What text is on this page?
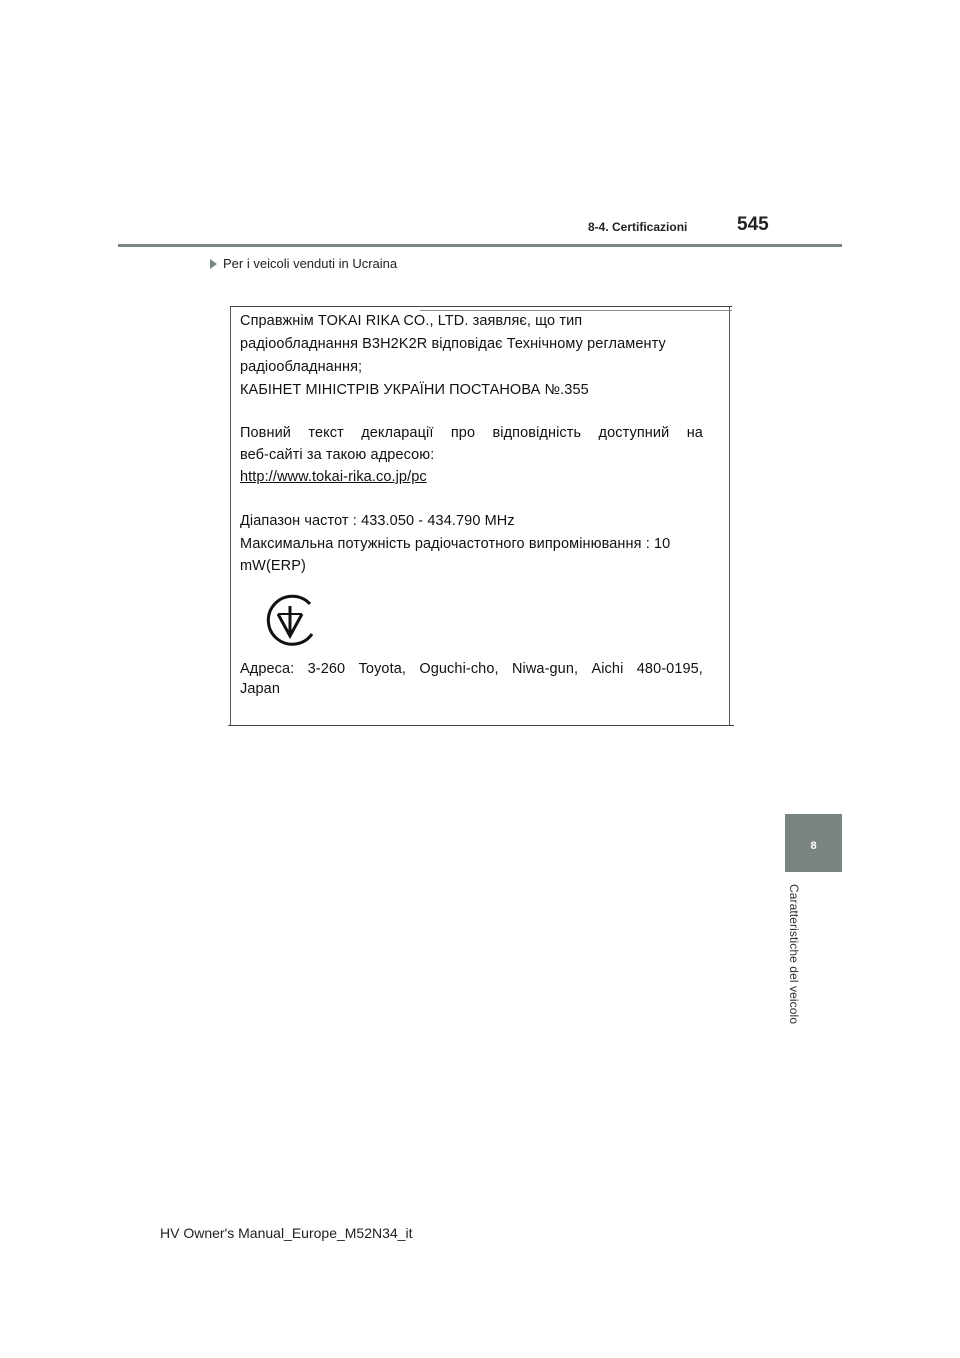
8-4. Certificazioni	545
Per i veicoli venduti in Ucraina
Справжнім TOKAI RIKA CO., LTD. заявляє, що тип
радіообладнання B3H2K2R відповідає Технічному регламенту
радіообладнання;
КАБІНЕТ МІНІСТРІВ УКРАЇНИ ПОСТАНОВА №.355
Повний текст декларації про відповідність доступний на
веб-сайті за такою адресою:
http://www.tokai-rika.co.jp/pc
Діапазон частот : 433.050 - 434.790 MHz
Максимальна потужність радіочастотного випромінювання : 10
mW(ERP)
Адреса: 3-260 Toyota, Oguchi-cho, Niwa-gun, Aichi 480-0195,
Japan
8
Caratteristiche del veicolo
HV Owner's Manual_Europe_M52N34_it
